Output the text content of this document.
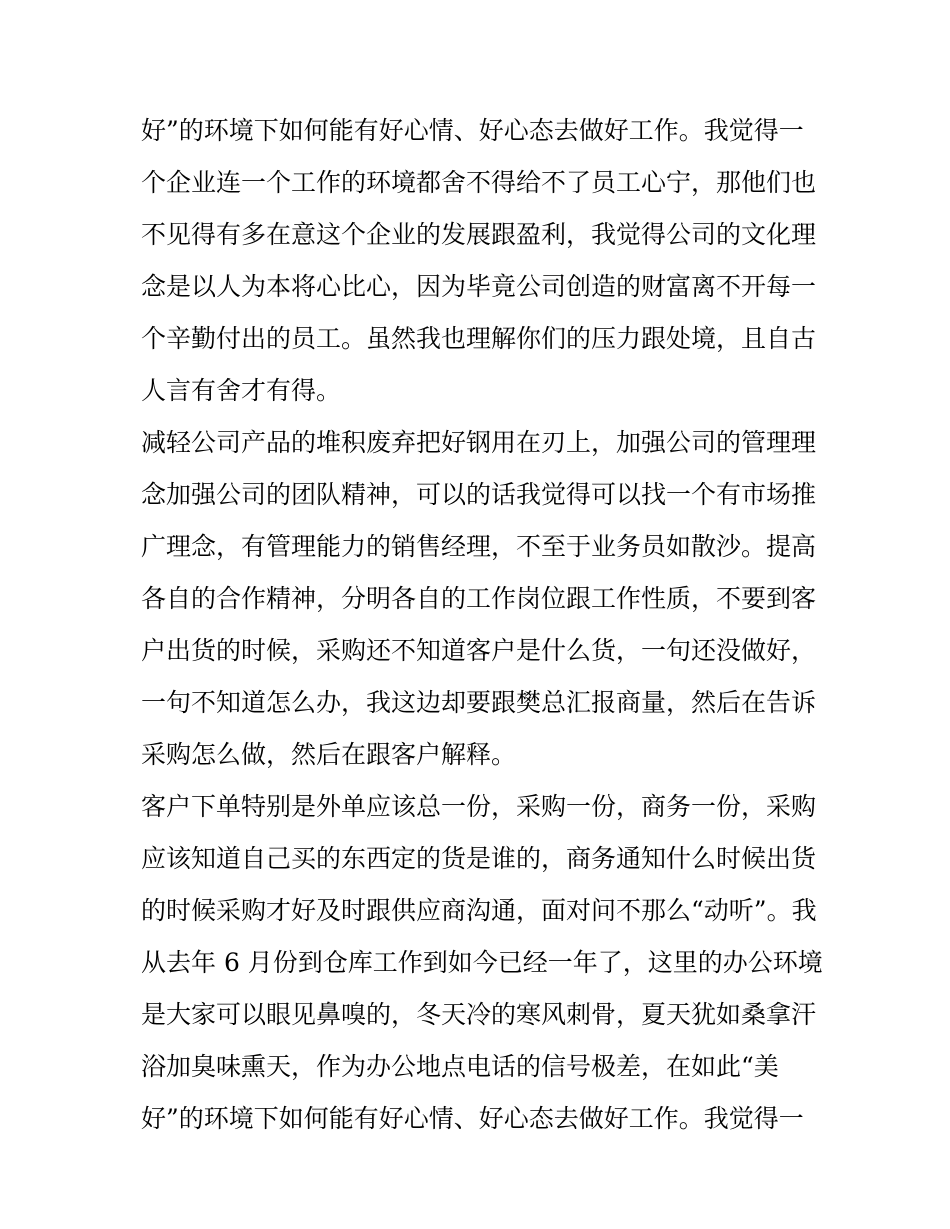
好”的环境下如何能有好心情、好心态去做好工作。我觉得一
个企业连一个工作的环境都舍不得给不了员工心宁，那他们也
不见得有多在意这个企业的发展跟盈利，我觉得公司的文化理
念是以人为本将心比心，因为毕竟公司创造的财富离不开每一
个辛勤付出的员工。虽然我也理解你们的压力跟处境，且自古
人言有舍才有得。
减轻公司产品的堆积废弃把好钢用在刃上，加强公司的管理理
念加强公司的团队精神，可以的话我觉得可以找一个有市场推
广理念，有管理能力的销售经理，不至于业务员如散沙。提高
各自的合作精神，分明各自的工作岗位跟工作性质，不要到客
户出货的时候，采购还不知道客户是什么货，一句还没做好，
一句不知道怎么办，我这边却要跟樊总汇报商量，然后在告诉
采购怎么做，然后在跟客户解释。
客户下单特别是外单应该总一份，采购一份，商务一份，采购
应该知道自己买的东西定的货是谁的，商务通知什么时候出货
的时候采购才好及时跟供应商沟通，面对问不那么“动听”。我
从去年 6 月份到仓库工作到如今已经一年了，这里的办公环境
是大家可以眼见鼻嗅的，冬天冷的寒风刺骨，夏天犹如桑拿汗
浴加臭味熏天，作为办公地点电话的信号极差，在如此“美
好”的环境下如何能有好心情、好心态去做好工作。我觉得一
